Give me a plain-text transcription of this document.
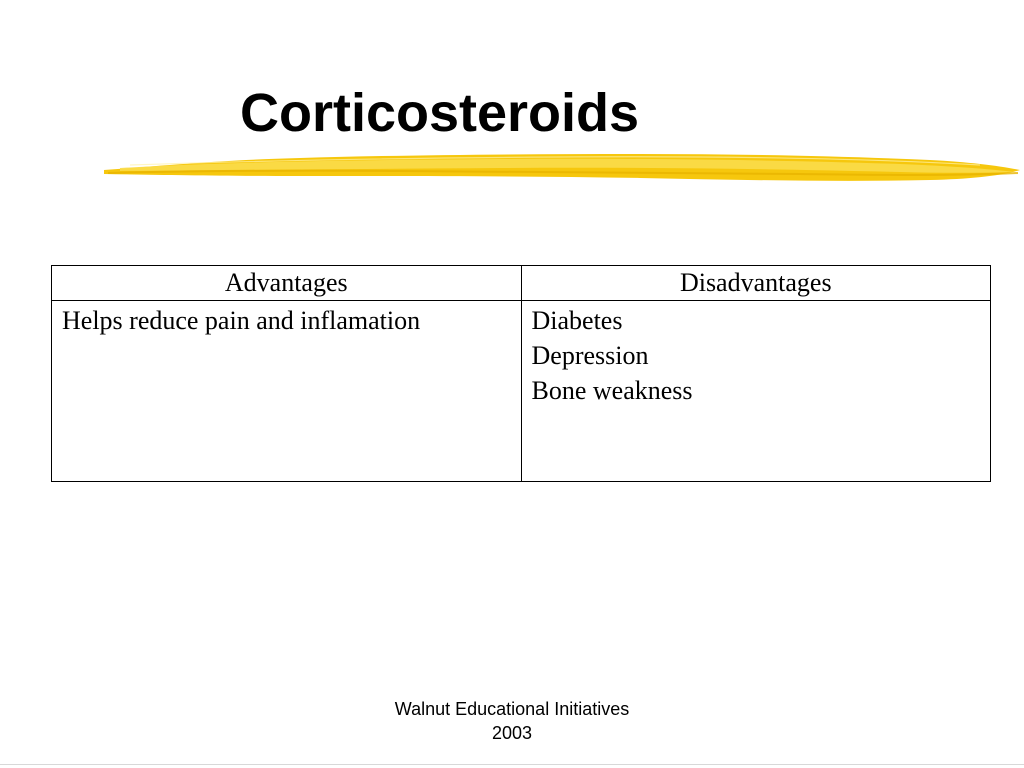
Corticosteroids
Advantages	Disadvantages

Helps reduce pain and inflamation	Diabetes
Depression
Bone weakness
Walnut Educational Initiatives
2003
